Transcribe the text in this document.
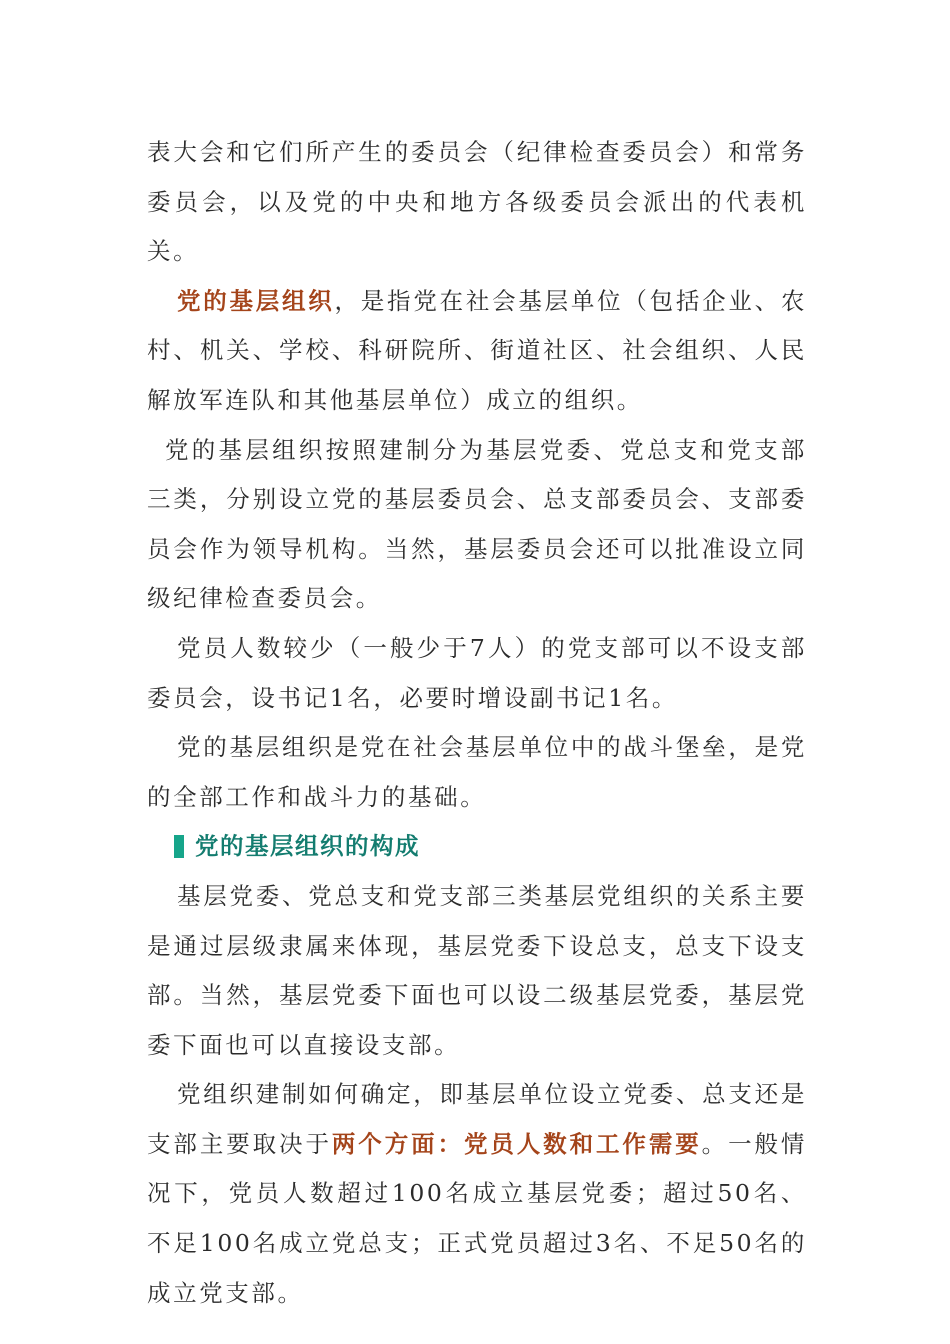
表大会和它们所产生的委员会（纪律检查委员会）和常务委员会，以及党的中央和地方各级委员会派出的代表机关。

党的基层组织，是指党在社会基层单位（包括企业、农村、机关、学校、科研院所、街道社区、社会组织、人民解放军连队和其他基层单位）成立的组织。

党的基层组织按照建制分为基层党委、党总支和党支部三类，分别设立党的基层委员会、总支部委员会、支部委员会作为领导机构。当然，基层委员会还可以批准设立同级纪律检查委员会。

党员人数较少（一般少于7人）的党支部可以不设支部委员会，设书记1名，必要时增设副书记1名。

党的基层组织是党在社会基层单位中的战斗堡垒，是党的全部工作和战斗力的基础。

党的基层组织的构成

基层党委、党总支和党支部三类基层党组织的关系主要是通过层级隶属来体现，基层党委下设总支，总支下设支部。当然，基层党委下面也可以设二级基层党委，基层党委下面也可以直接设支部。

党组织建制如何确定，即基层单位设立党委、总支还是支部主要取决于两个方面：党员人数和工作需要。一般情况下，党员人数超过100名成立基层党委；超过50名、不足100名成立党总支；正式党员超过3名、不足50名的成立党支部。
